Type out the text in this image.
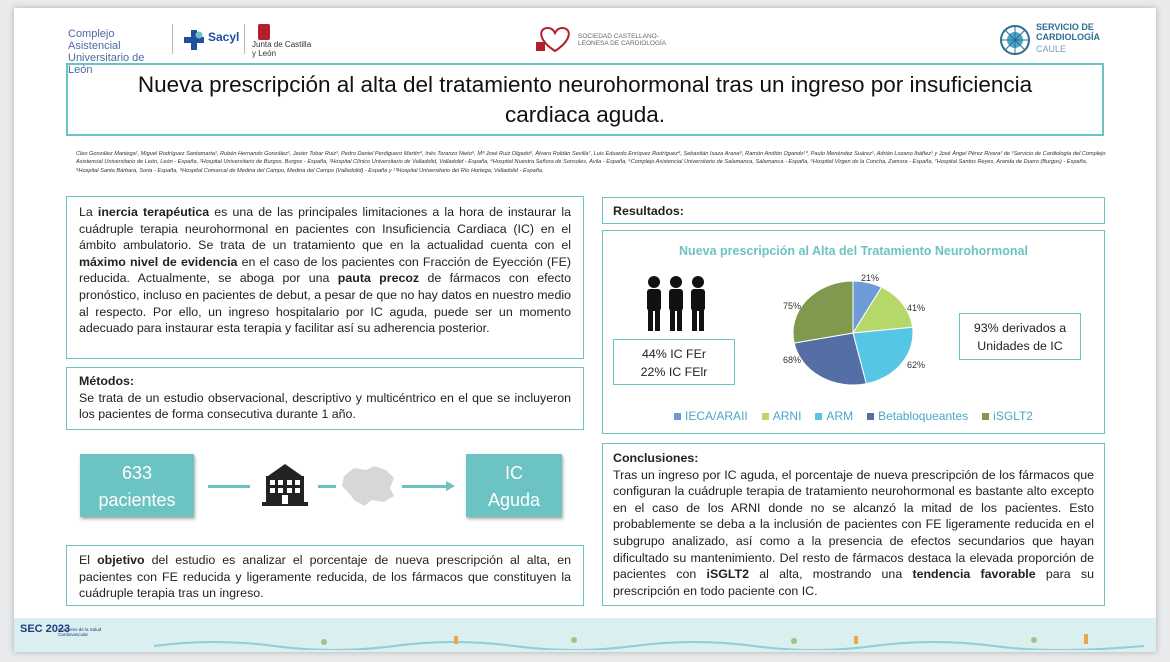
Complejo Asistencial Universitario de León
Sacyl
Junta de Castilla y León
SOCIEDAD CASTELLANO-LEONESA DE CARDIOLOGÍA
SERVICIO DE CARDIOLOGÍA
CAULE
Nueva prescripción al alta del tratamiento neurohormonal tras un ingreso por insuficiencia cardiaca aguda.
Cleo González Maniega¹, Miguel Rodríguez Santamarta¹, Rubén Hernando González², Javier Tobar Ruiz³, Pedro Daniel Perdiguero Martín⁴, Inés Toranzo Nieto⁵, Mª José Ruiz Olgado⁶, Álvaro Roldán Sevilla⁷, Luis Eduardo Enríquez Rodríguez⁸, Sebastián Isaza Arana⁹, Ramón Andión Ogando¹⁰, Paulo Menéndez Suárez¹, Adrián Lozano Ibáñez¹ y José Ángel Pérez Rivera² de ¹Servicio de Cardiología del Complejo Asistencial Universitario de León, León - España, ²Hospital Universitario de Burgos, Burgos - España, ³Hospital Clínico Universitario de Valladolid, Valladolid - España, ⁴Hospital Nuestra Señora de Sonsoles, Ávila - España, ⁵Complejo Asistencial Universitario de Salamanca, Salamanca - España, ⁶Hospital Virgen de la Concha, Zamora - España, ⁷Hospital Santos Reyes, Aranda de Duero (Burgos) - España, ⁸Hospital Santa Bárbara, Soria - España, ⁹Hospital Comarcal de Medina del Campo, Medina del Campo (Valladolid) - España y ¹⁰Hospital Universitario del Río Hortega, Valladolid - España.
La inercia terapéutica es una de las principales limitaciones a la hora de instaurar la cuádruple terapia neurohormonal en pacientes con Insuficiencia Cardiaca (IC) en el ámbito ambulatorio. Se trata de un tratamiento que en la actualidad cuenta con el máximo nivel de evidencia en el caso de los pacientes con Fracción de Eyección (FE) reducida. Actualmente, se aboga por una pauta precoz de fármacos con efecto pronóstico, incluso en pacientes de debut, a pesar de que no hay datos en nuestro medio al respecto. Por ello, un ingreso hospitalario por IC aguda, puede ser un momento adecuado para instaurar esta terapia y facilitar así su adherencia posterior.
Métodos:
Se trata de un estudio observacional, descriptivo y multicéntrico en el que se incluyeron los pacientes de forma consecutiva durante 1 año.
633
pacientes
IC
Aguda
El objetivo del estudio es analizar el porcentaje de nueva prescripción al alta, en pacientes con FE reducida y ligeramente reducida, de los fármacos que constituyen la cuádruple terapia tras un ingreso.
Resultados:
Nueva prescripción al Alta del Tratamiento Neurohormonal
44% IC FEr
22% IC FElr
21%
41%
62%
68%
75%
93% derivados a
Unidades de IC
IECA/ARAII ARNI ARM Betabloqueantes iSGLT2
Conclusiones:
Tras un ingreso por IC aguda, el porcentaje de nueva prescripción de los fármacos que configuran la cuádruple terapia de tratamiento neurohormonal es bastante alto excepto en el caso de los ARNI donde no se alcanzó la mitad de los pacientes. Esto probablemente se deba a la inclusión de pacientes con FE ligeramente reducida en el subgrupo analizado, así como a la presencia de efectos secundarios que hayan dificultado su mantenimiento. Del resto de fármacos destaca la elevada proporción de pacientes con iSGLT2 al alta, mostrando una tendencia favorable para su prescripción en todo paciente con IC.
SEC 2023
Congreso de la Salud Cardiovascular
